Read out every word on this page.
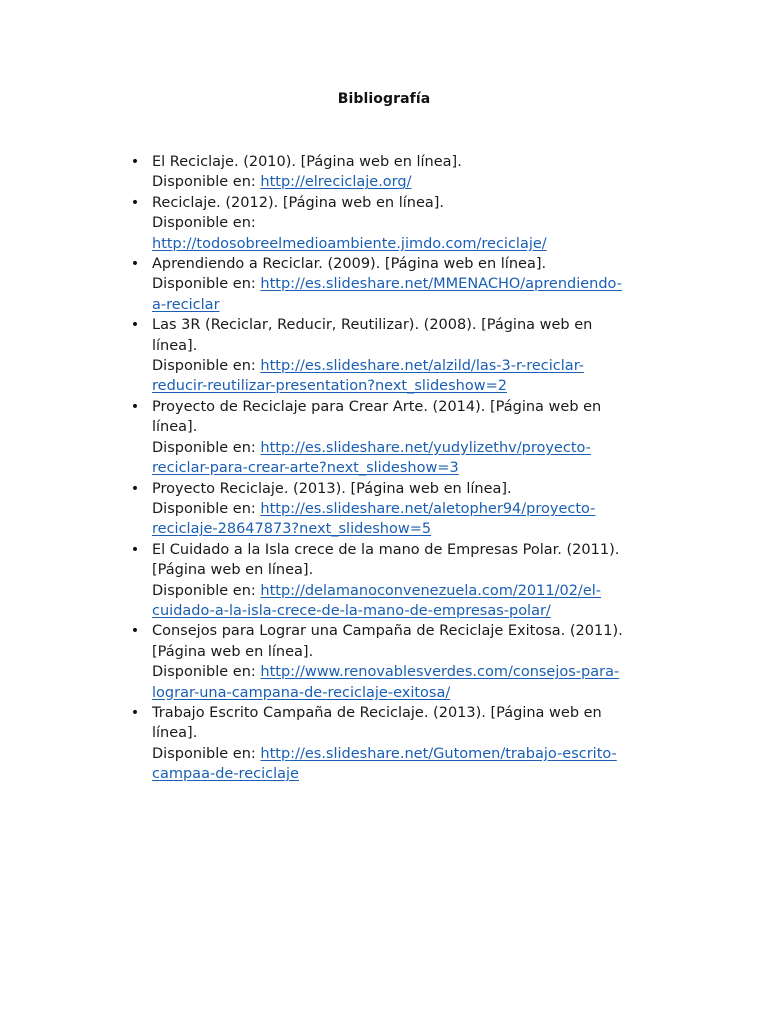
Bibliografía
• El Reciclaje. (2010). [Página web en línea].
Disponible en: http://elreciclaje.org/
• Reciclaje. (2012). [Página web en línea].
Disponible en:
http://todosobreelmedioambiente.jimdo.com/reciclaje/
• Aprendiendo a Reciclar. (2009). [Página web en línea].
Disponible en: http://es.slideshare.net/MMENACHO/aprendiendo-
a-reciclar
• Las 3R (Reciclar, Reducir, Reutilizar). (2008). [Página web en
línea].
Disponible en: http://es.slideshare.net/alzild/las-3-r-reciclar-
reducir-reutilizar-presentation?next_slideshow=2
• Proyecto de Reciclaje para Crear Arte. (2014). [Página web en
línea].
Disponible en: http://es.slideshare.net/yudylizethv/proyecto-
reciclar-para-crear-arte?next_slideshow=3
• Proyecto Reciclaje. (2013). [Página web en línea].
Disponible en: http://es.slideshare.net/aletopher94/proyecto-
reciclaje-28647873?next_slideshow=5
• El Cuidado a la Isla crece de la mano de Empresas Polar. (2011).
[Página web en línea].
Disponible en: http://delamanoconvenezuela.com/2011/02/el-
cuidado-a-la-isla-crece-de-la-mano-de-empresas-polar/
• Consejos para Lograr una Campaña de Reciclaje Exitosa. (2011).
[Página web en línea].
Disponible en: http://www.renovablesverdes.com/consejos-para-
lograr-una-campana-de-reciclaje-exitosa/
• Trabajo Escrito Campaña de Reciclaje. (2013). [Página web en
línea].
Disponible en: http://es.slideshare.net/Gutomen/trabajo-escrito-
campaa-de-reciclaje
